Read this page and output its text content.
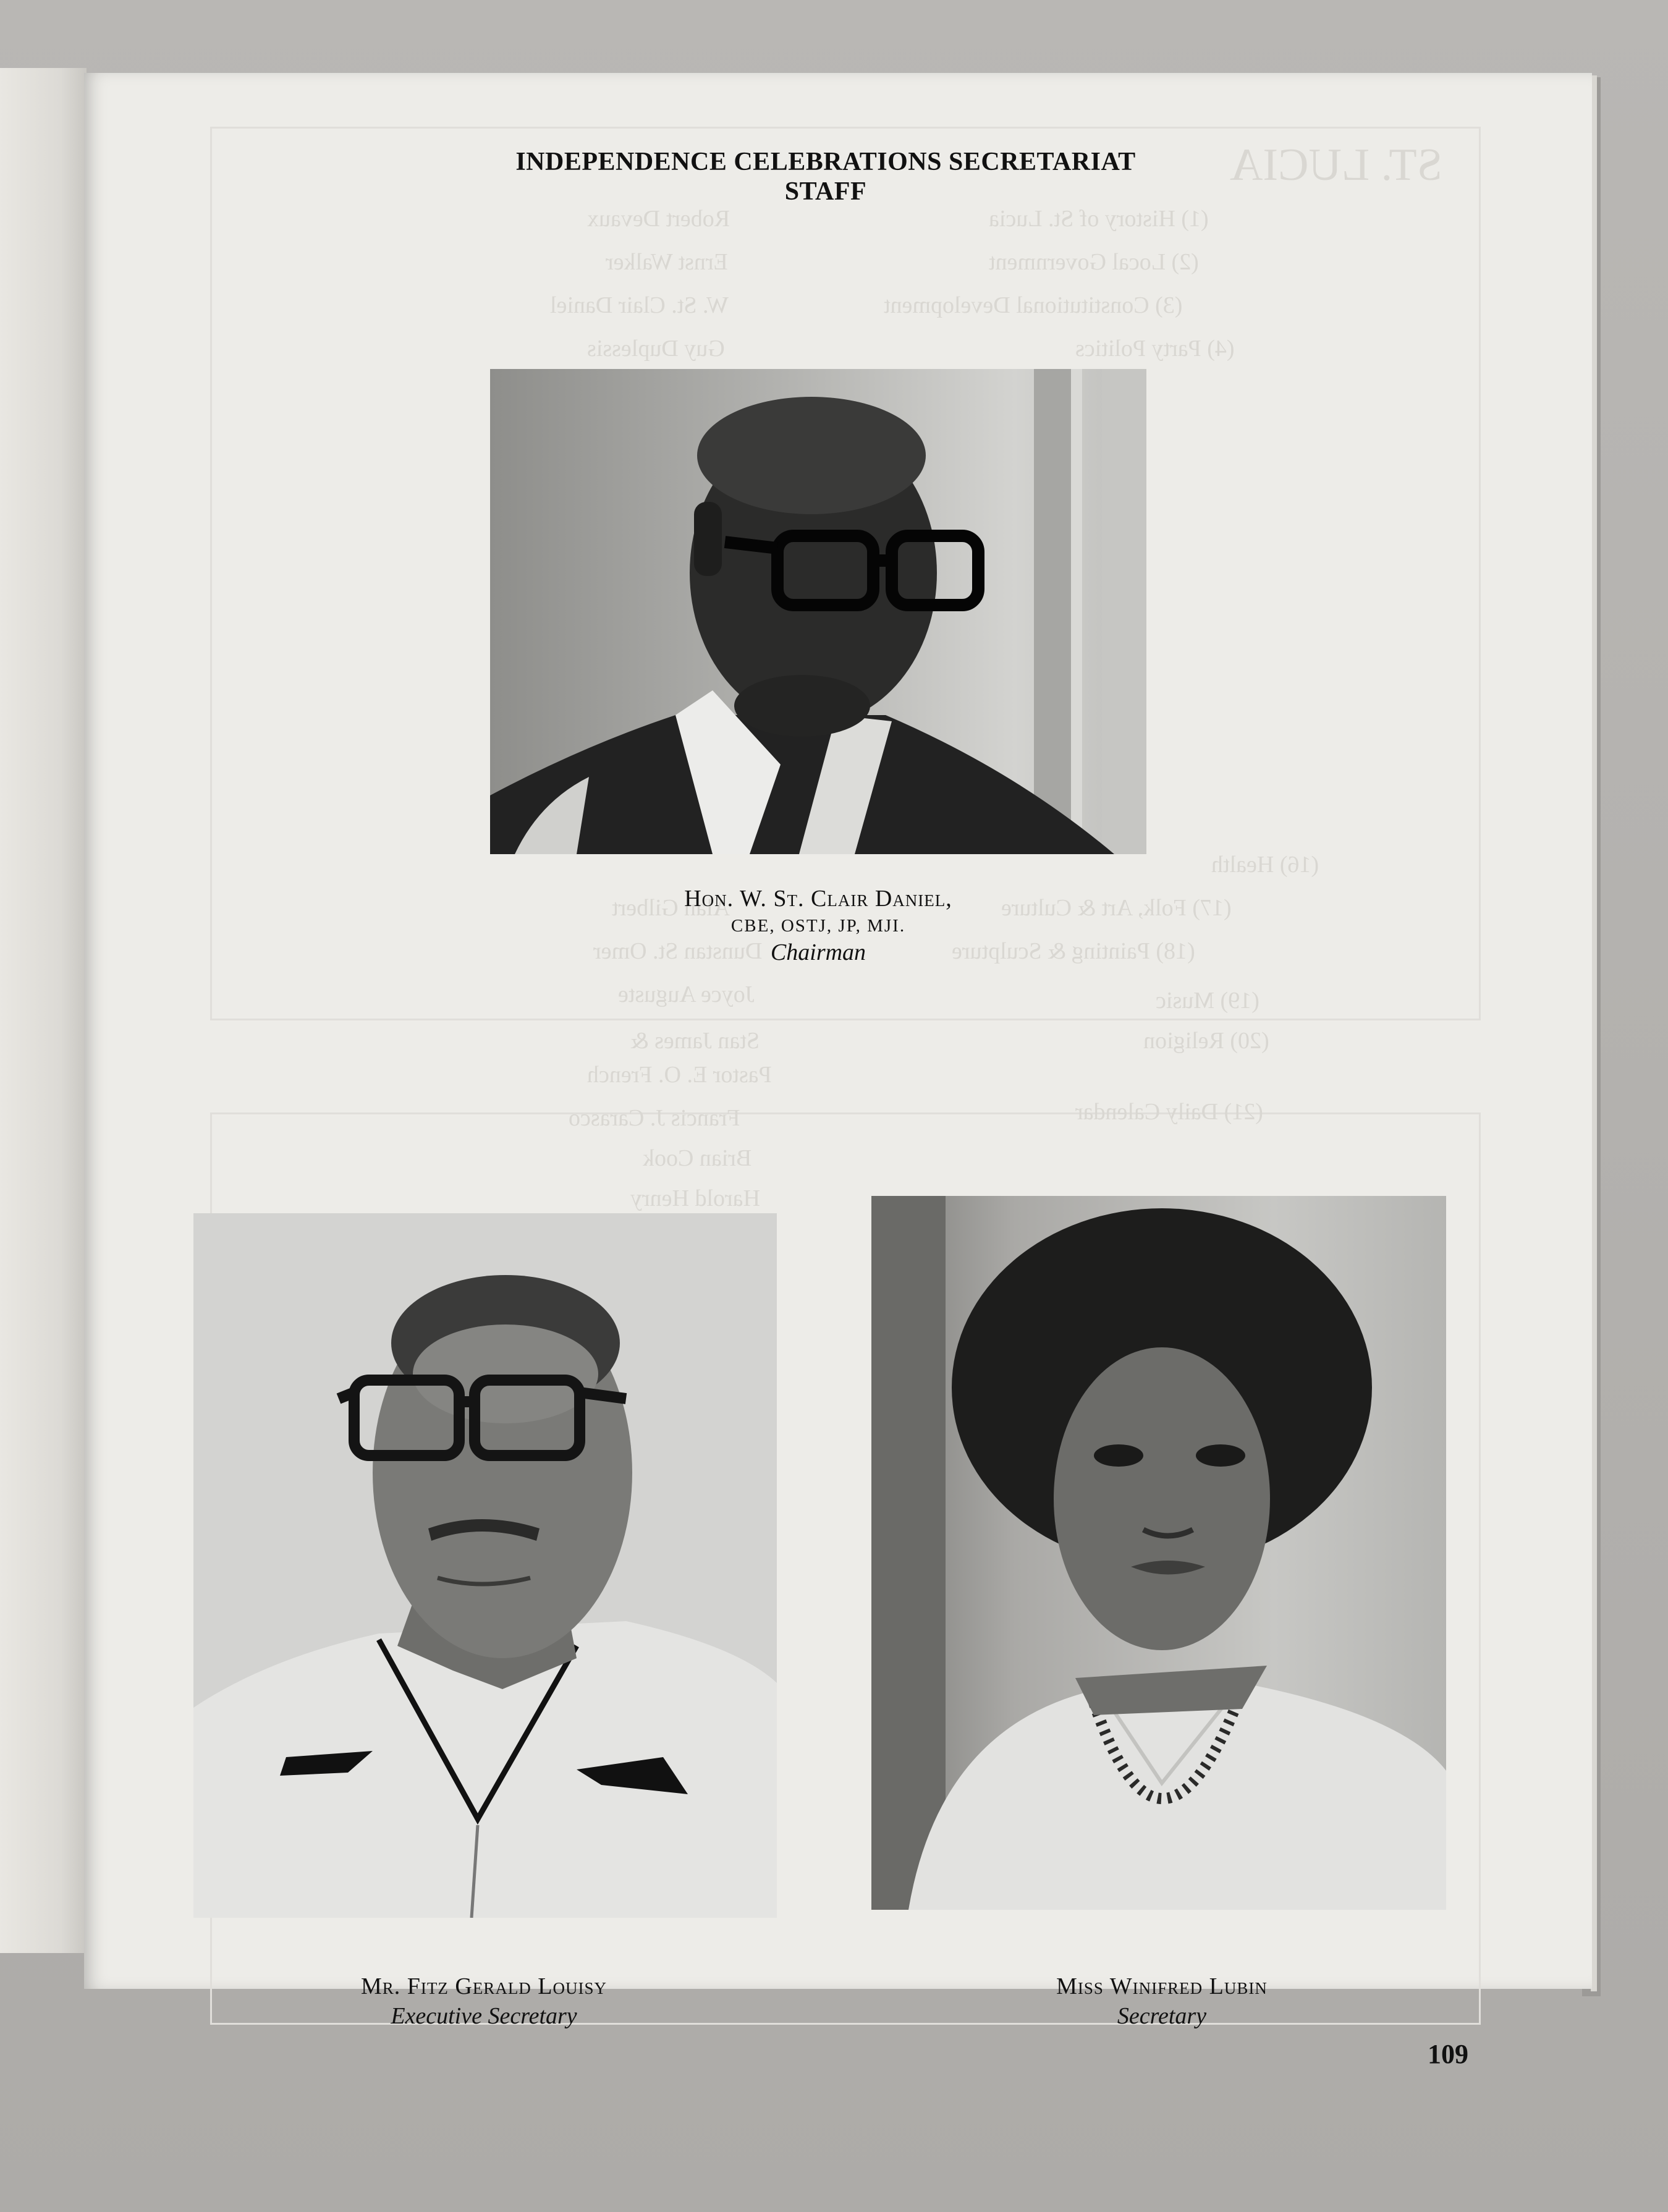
ST. LUCIA
(1) History of St. Lucia
(2) Local Government
(3) Constitutional Development
(4) Party Politics
(16) Health
(17) Folk, Art & Culture
(18) Painting & Sculpture
(19) Music
(20) Religion
(21) Daily Calendar
Robert Devaux
Ernst Walker
W. St. Clair Daniel
Guy Duplessis
Alan Gilbert
Dunstan St. Omer
Joyce Auguste
Stan James &
Pastor E. O. French
Francis J. Carasco
Brian Cook
Harold Henry
INDEPENDENCE CELEBRATIONS SECRETARIAT
STAFF
Hon. W. St. Clair Daniel,
CBE, OSTJ, JP, MJI.
Chairman
Mr. Fitz Gerald Louisy
Executive Secretary
Miss Winifred Lubin
Secretary
109
